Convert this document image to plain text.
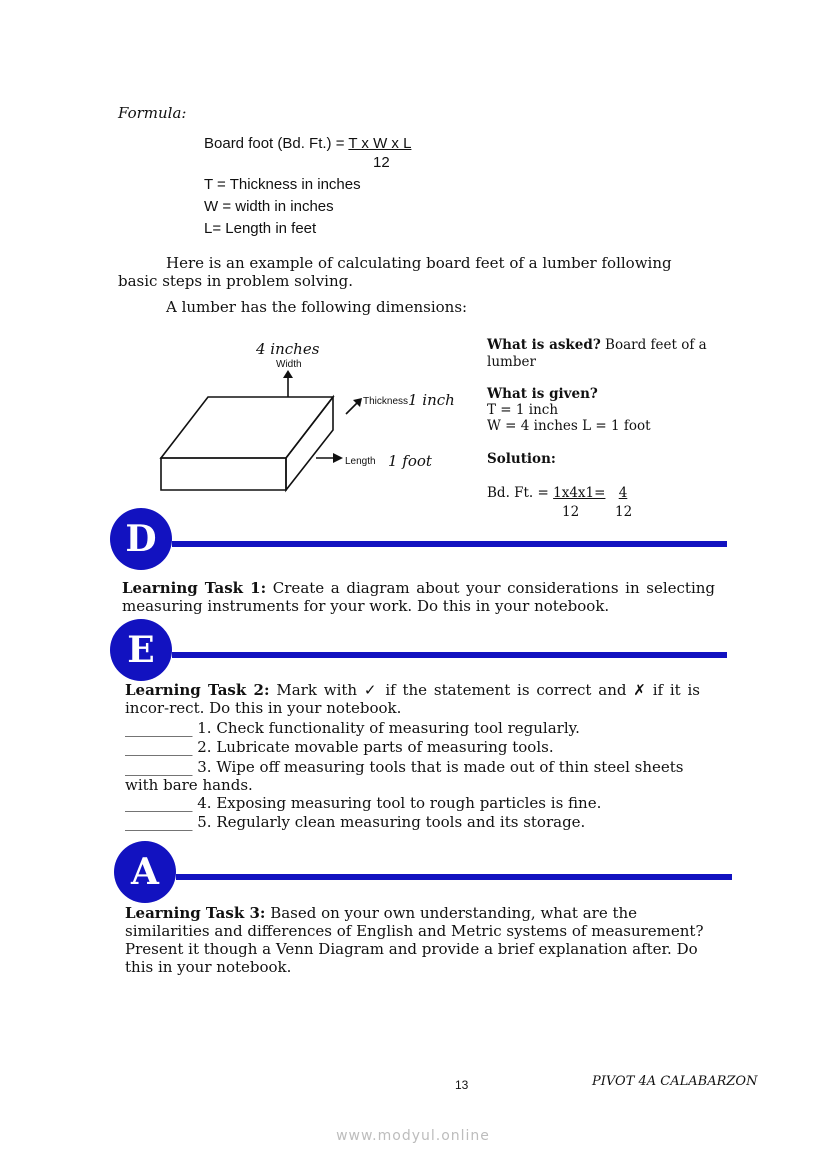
Formula:
Board foot (Bd. Ft.) = T x W x L
12
T = Thickness in inches
W = width in inches
L= Length in feet
Here is an example of calculating board feet of a lumber following basic steps in problem solving.
A lumber has the following dimensions:
4 inches
Width
Thickness 1 inch
Length 1 foot
What is asked? Board feet of a lumber
What is given?
T = 1 inch
W = 4 inches L = 1 foot
Solution:
Bd. Ft. = 1x4x1= 4
12	12
D
Learning Task 1: Create a diagram about your considerations in selecting measuring instruments for your work. Do this in your notebook.
E
Learning Task 2: Mark with ✓ if the statement is correct and ✗ if it is incor-rect. Do this in your notebook.
_________ 1. Check functionality of measuring tool regularly.
_________ 2. Lubricate movable parts of measuring tools.
_________ 3. Wipe off measuring tools that is made out of thin steel sheets
with bare hands.
_________ 4. Exposing measuring tool to rough particles is fine.
_________ 5. Regularly clean measuring tools and its storage.
A
Learning Task 3: Based on your own understanding, what are the similarities and differences of English and Metric systems of measurement? Present it though a Venn Diagram and provide a brief explanation after. Do this in your notebook.
13	PIVOT 4A CALABARZON
www.modyul.online
